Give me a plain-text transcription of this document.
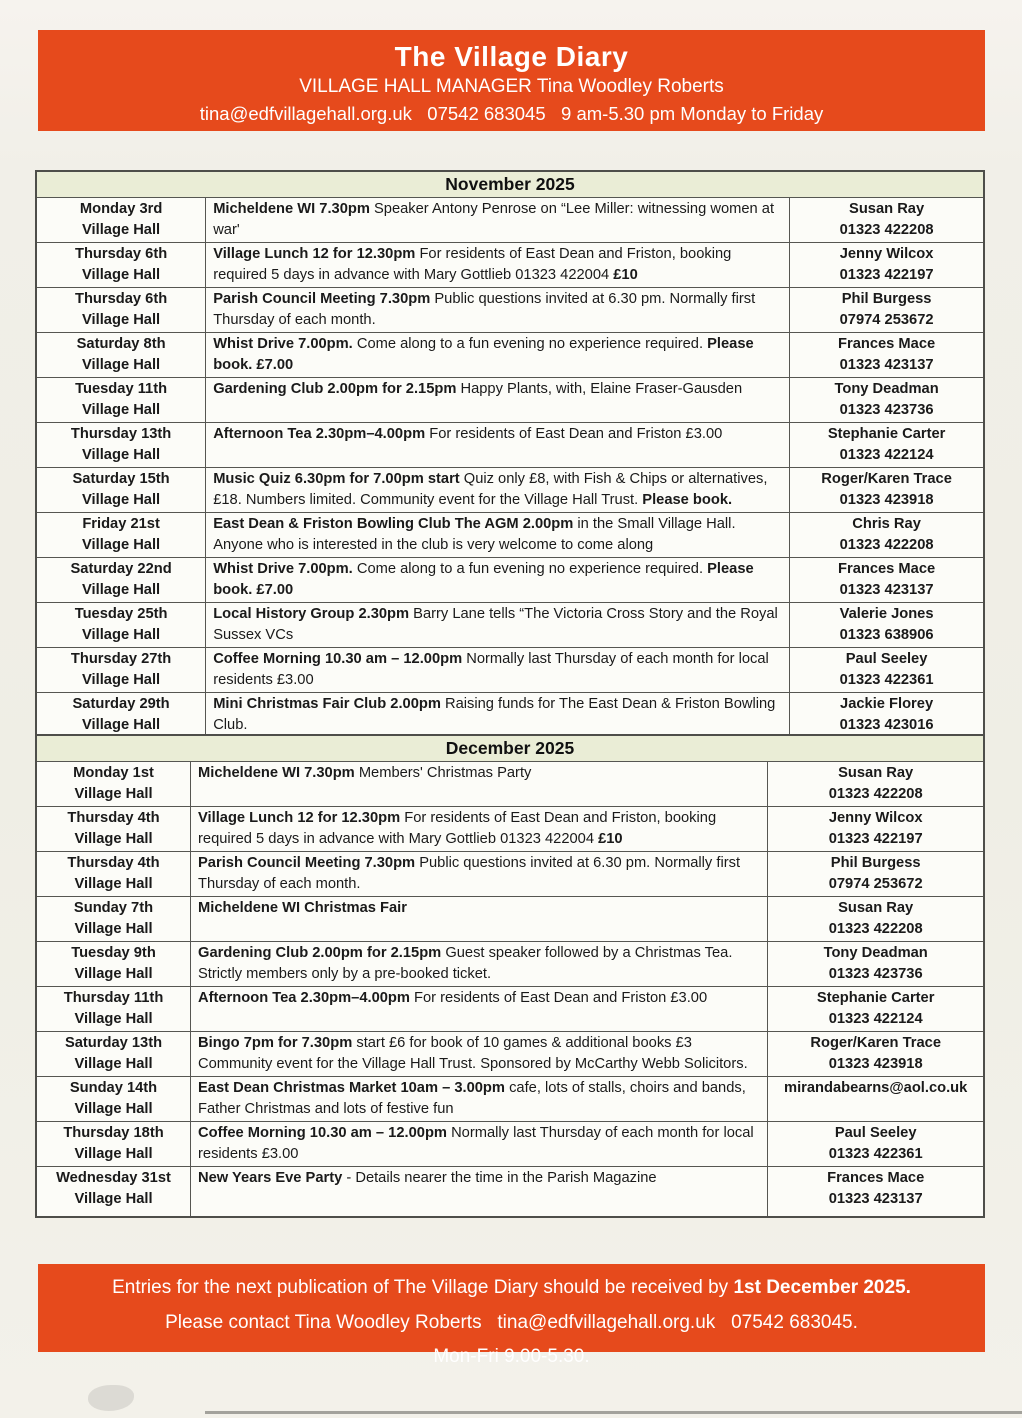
The Village Diary
VILLAGE HALL MANAGER Tina Woodley Roberts
tina@edfvillagehall.org.uk   07542 683045   9 am-5.30 pm Monday to Friday
November 2025		

Monday 3rd
Village Hall
	Micheldene WI 7.30pm Speaker Antony Penrose on “Lee Miller: witnessing women at war'	
Susan Ray
01323 422208

Thursday 6th
Village Hall
	Village Lunch 12 for 12.30pm For residents of East Dean and Friston, booking required 5 days in advance with Mary Gottlieb 01323 422004 £10	
Jenny Wilcox
01323 422197

Thursday 6th
Village Hall
	Parish Council Meeting 7.30pm Public questions invited at 6.30 pm. Normally first Thursday of each month.	
Phil Burgess
07974 253672

Saturday 8th
Village Hall
	Whist Drive 7.00pm. Come along to a fun evening no experience required. Please book. £7.00	
Frances Mace
01323 423137

Tuesday 11th
Village Hall
	Gardening Club 2.00pm for 2.15pm Happy Plants, with, Elaine Fraser-Gausden	Tony Deadman
01323 423736

Thursday 13th
Village Hall
	Afternoon Tea 2.30pm–4.00pm For residents of East Dean and Friston £3.00	Stephanie Carter
01323 422124

Saturday 15th
Village Hall
	Music Quiz 6.30pm for 7.00pm start Quiz only £8, with Fish & Chips or alternatives, £18. Numbers limited. Community event for the Village Hall Trust. Please book.	
Roger/Karen Trace
01323 423918

Friday 21st
Village Hall
	East Dean & Friston Bowling Club The AGM 2.00pm in the Small Village Hall. Anyone who is interested in the club is very welcome to come along	
Chris Ray
01323 422208

Saturday 22nd
Village Hall
	Whist Drive 7.00pm. Come along to a fun evening no experience required. Please book. £7.00	
Frances Mace
01323 423137

Tuesday 25th
Village Hall
	Local History Group 2.30pm Barry Lane tells “The Victoria Cross Story and the Royal Sussex VCs	
Valerie Jones
01323 638906

Thursday 27th
Village Hall
	Coffee Morning 10.30 am – 12.00pm Normally last Thursday of each month for local residents £3.00	
Paul Seeley
01323 422361

Saturday 29th
Village Hall
	Mini Christmas Fair Club 2.00pm Raising funds for The East Dean & Friston Bowling Club.	
Jackie Florey
01323 423016
December 2025		

Monday 1st
Village Hall
	Micheldene WI 7.30pm Members' Christmas Party	Susan Ray
01323 422208

Thursday 4th
Village Hall
	Village Lunch 12 for 12.30pm For residents of East Dean and Friston, booking required 5 days in advance with Mary Gottlieb 01323 422004 £10	
Jenny Wilcox
01323 422197

Thursday 4th
Village Hall
	Parish Council Meeting 7.30pm Public questions invited at 6.30 pm. Normally first Thursday of each month.	
Phil Burgess
07974 253672

Sunday 7th
Village Hall
	Micheldene WI Christmas Fair	Susan Ray
01323 422208

Tuesday 9th
Village Hall
	Gardening Club 2.00pm for 2.15pm Guest speaker followed by a Christmas Tea. Strictly members only by a pre-booked ticket.	
Tony Deadman
01323 423736

Thursday 11th
Village Hall
	Afternoon Tea 2.30pm–4.00pm For residents of East Dean and Friston £3.00	Stephanie Carter
01323 422124

Saturday 13th
Village Hall
	Bingo 7pm for 7.30pm start £6 for book of 10 games & additional books £3 Community event for the Village Hall Trust. Sponsored by McCarthy Webb Solicitors.	
Roger/Karen Trace
01323 423918

Sunday 14th
Village Hall	East Dean Christmas Market 10am – 3.00pm cafe, lots of stalls, choirs and bands, Father Christmas and lots of festive fun	mirandabearns@aol.co.uk

Thursday 18th
Village Hall
	Coffee Morning 10.30 am – 12.00pm Normally last Thursday of each month for local residents £3.00	
Paul Seeley
01323 422361

Wednesday 31st
Village Hall
	New Years Eve Party - Details nearer the time in the Parish Magazine	Frances Mace
01323 423137
Entries for the next publication of The Village Diary should be received by 1st December 2025.
Please contact Tina Woodley Roberts   tina@edfvillagehall.org.uk   07542 683045.
Mon-Fri 9.00-5.30.
